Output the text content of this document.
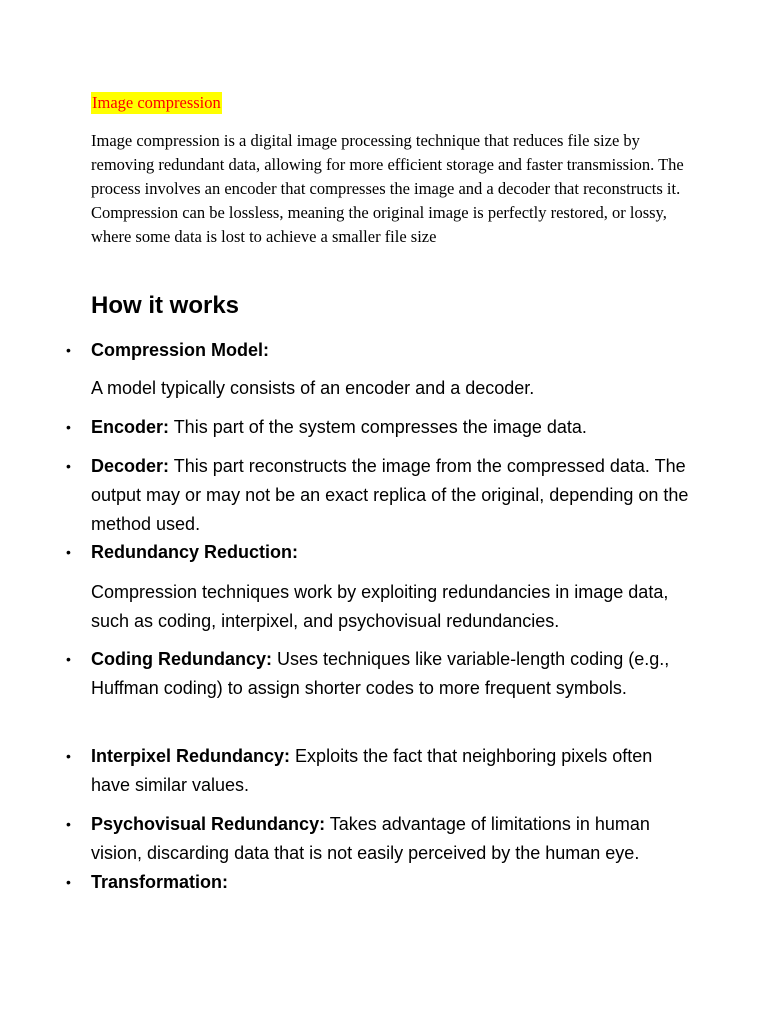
Image compression

Image compression is a digital image processing technique that reduces file size by removing redundant data, allowing for more efficient storage and faster transmission. The process involves an encoder that compresses the image and a decoder that reconstructs it. Compression can be lossless, meaning the original image is perfectly restored, or lossy, where some data is lost to achieve a smaller file size

How it works
• Compression Model:

A model typically consists of an encoder and a decoder.

• Encoder: This part of the system compresses the image data.
• Decoder: This part reconstructs the image from the compressed data. The output may or may not be an exact replica of the original, depending on the method used.
• Redundancy Reduction:

Compression techniques work by exploiting redundancies in image data, such as coding, interpixel, and psychovisual redundancies.

• Coding Redundancy: Uses techniques like variable-length coding (e.g., Huffman coding) to assign shorter codes to more frequent symbols.
• Interpixel Redundancy: Exploits the fact that neighboring pixels often have similar values.
• Psychovisual Redundancy: Takes advantage of limitations in human vision, discarding data that is not easily perceived by the human eye.
• Transformation:
